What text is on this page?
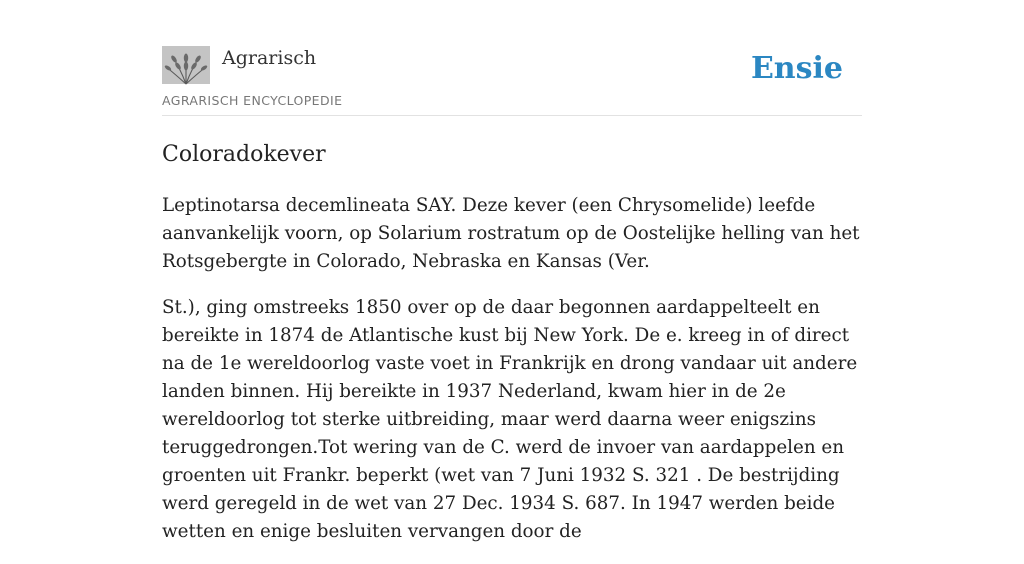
Agrarisch
AGRARISCH ENCYCLOPEDIE
Ensie
Coloradokever

Leptinotarsa decemlineata SAY. Deze kever (een Chrysomelide) leefde aanvankelijk voorn, op Solarium rostratum op de Oostelijke helling van het Rotsgebergte in Colorado, Nebraska en Kansas (Ver.

St.), ging omstreeks 1850 over op de daar begonnen aardappelteelt en bereikte in 1874 de Atlantische kust bij New York. De e. kreeg in of direct na de 1e wereldoorlog vaste voet in Frankrijk en drong vandaar uit andere landen binnen. Hij bereikte in 1937 Nederland, kwam hier in de 2e wereldoorlog tot sterke uitbreiding, maar werd daarna weer enigszins teruggedrongen.Tot wering van de C. werd de invoer van aardappelen en groenten uit Frankr. beperkt (wet van 7 Juni 1932 S. 321 . De bestrijding werd geregeld in de wet van 27 Dec. 1934 S. 687. In 1947 werden beide wetten en enige besluiten vervangen door de
